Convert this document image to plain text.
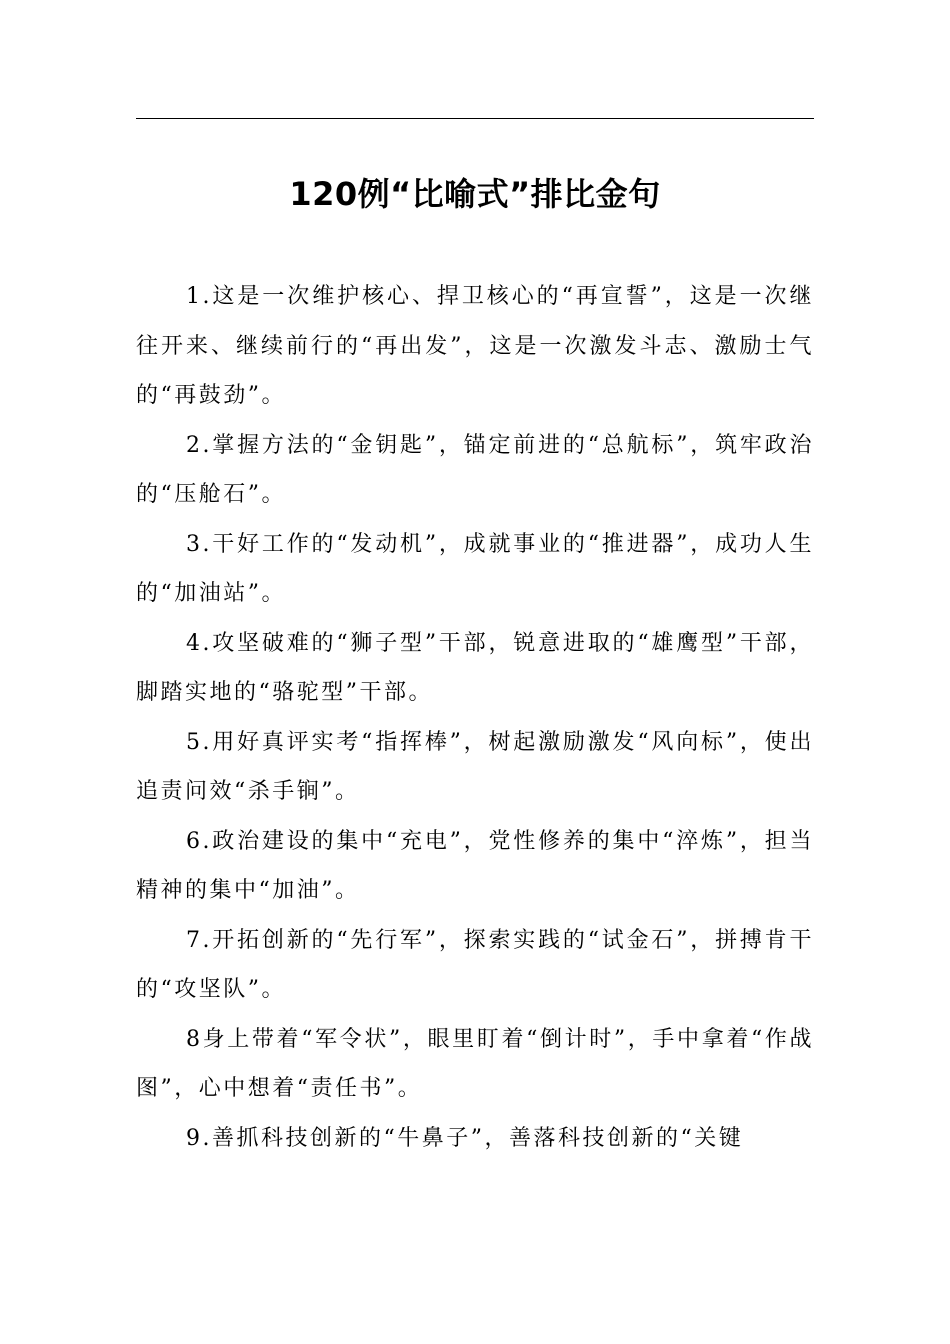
120例“比喻式”排比金句

1.这是一次维护核心、捍卫核心的“再宣誓”，这是一次继往开来、继续前行的“再出发”，这是一次激发斗志、激励士气的“再鼓劲”。

2.掌握方法的“金钥匙”，锚定前进的“总航标”，筑牢政治的“压舱石”。

3.干好工作的“发动机”，成就事业的“推进器”，成功人生的“加油站”。

4.攻坚破难的“狮子型”干部，锐意进取的“雄鹰型”干部，脚踏实地的“骆驼型”干部。

5.用好真评实考“指挥棒”，树起激励激发“风向标”，使出追责问效“杀手锏”。

6.政治建设的集中“充电”，党性修养的集中“淬炼”，担当精神的集中“加油”。

7.开拓创新的“先行军”，探索实践的“试金石”，拼搏肯干的“攻坚队”。

8身上带着“军令状”，眼里盯着“倒计时”，手中拿着“作战图”，心中想着“责任书”。

9.善抓科技创新的“牛鼻子”，善落科技创新的“关键
